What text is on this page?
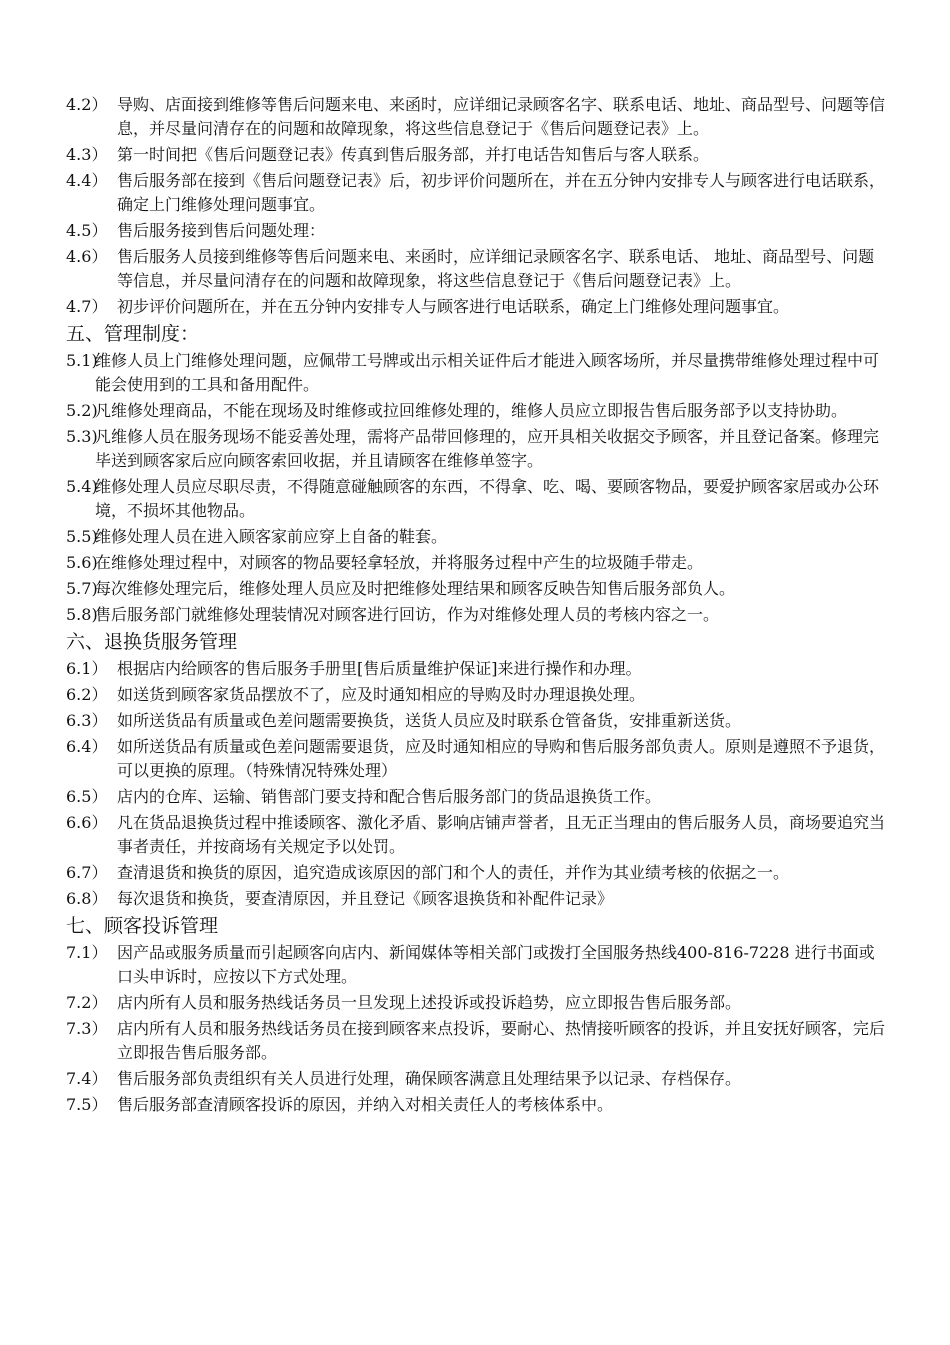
4.2） 导购、店面接到维修等售后问题来电、来函时，应详细记录顾客名字、联系电话、地址、商品型号、问题等信息，并尽量问清存在的问题和故障现象，将这些信息登记于《售后问题登记表》上。
4.3） 第一时间把《售后问题登记表》传真到售后服务部，并打电话告知售后与客人联系。
4.4） 售后服务部在接到《售后问题登记表》后，初步评价问题所在，并在五分钟内安排专人与顾客进行电话联系，确定上门维修处理问题事宜。
4.5） 售后服务接到售后问题处理：
4.6） 售后服务人员接到维修等售后问题来电、来函时，应详细记录顾客名字、联系电话、 地址、商品型号、问题等信息，并尽量问清存在的问题和故障现象，将这些信息登记于《售后问题登记表》上。
4.7） 初步评价问题所在，并在五分钟内安排专人与顾客进行电话联系，确定上门维修处理问题事宜。
五、管理制度：
5.1)
维修人员上门维修处理问题，应佩带工号牌或出示相关证件后才能进入顾客场所，并尽量携带维修处理过程中可能会使用到的工具和备用配件。
5.2)
凡维修处理商品，不能在现场及时维修或拉回维修处理的，维修人员应立即报告售后服务部予以支持协助。
5.3)
凡维修人员在服务现场不能妥善处理，需将产品带回修理的，应开具相关收据交予顾客，并且登记备案。修理完毕送到顾客家后应向顾客索回收据，并且请顾客在维修单签字。
5.4)
维修处理人员应尽职尽责，不得随意碰触顾客的东西，不得拿、吃、喝、要顾客物品，要爱护顾客家居或办公环境，不损坏其他物品。
5.5)
维修处理人员在进入顾客家前应穿上自备的鞋套。
5.6)
在维修处理过程中，对顾客的物品要轻拿轻放，并将服务过程中产生的垃圾随手带走。
5.7)
每次维修处理完后，维修处理人员应及时把维修处理结果和顾客反映告知售后服务部负人。
5.8)
售后服务部门就维修处理装情况对顾客进行回访，作为对维修处理人员的考核内容之一。
六、退换货服务管理
6.1） 根据店内给顾客的售后服务手册里[售后质量维护保证]来进行操作和办理。
6.2） 如送货到顾客家货品摆放不了，应及时通知相应的导购及时办理退换处理。
6.3） 如所送货品有质量或色差问题需要换货，送货人员应及时联系仓管备货，安排重新送货。
6.4） 如所送货品有质量或色差问题需要退货，应及时通知相应的导购和售后服务部负责人。原则是遵照不予退货，可以更换的原理。（特殊情况特殊处理）
6.5） 店内的仓库、运输、销售部门要支持和配合售后服务部门的货品退换货工作。
6.6） 凡在货品退换货过程中推诿顾客、激化矛盾、影响店铺声誉者，且无正当理由的售后服务人员，商场要追究当事者责任，并按商场有关规定予以处罚。
6.7） 查清退货和换货的原因，追究造成该原因的部门和个人的责任，并作为其业绩考核的依据之一。
6.8） 每次退货和换货，要查清原因，并且登记《顾客退换货和补配件记录》
七、顾客投诉管理
7.1） 因产品或服务质量而引起顾客向店内、新闻媒体等相关部门或拨打全国服务热线400-816-7228 进行书面或口头申诉时，应按以下方式处理。
7.2） 店内所有人员和服务热线话务员一旦发现上述投诉或投诉趋势，应立即报告售后服务部。
7.3） 店内所有人员和服务热线话务员在接到顾客来点投诉，要耐心、热情接听顾客的投诉，并且安抚好顾客，完后立即报告售后服务部。
7.4） 售后服务部负责组织有关人员进行处理，确保顾客满意且处理结果予以记录、存档保存。
7.5） 售后服务部查清顾客投诉的原因，并纳入对相关责任人的考核体系中。
